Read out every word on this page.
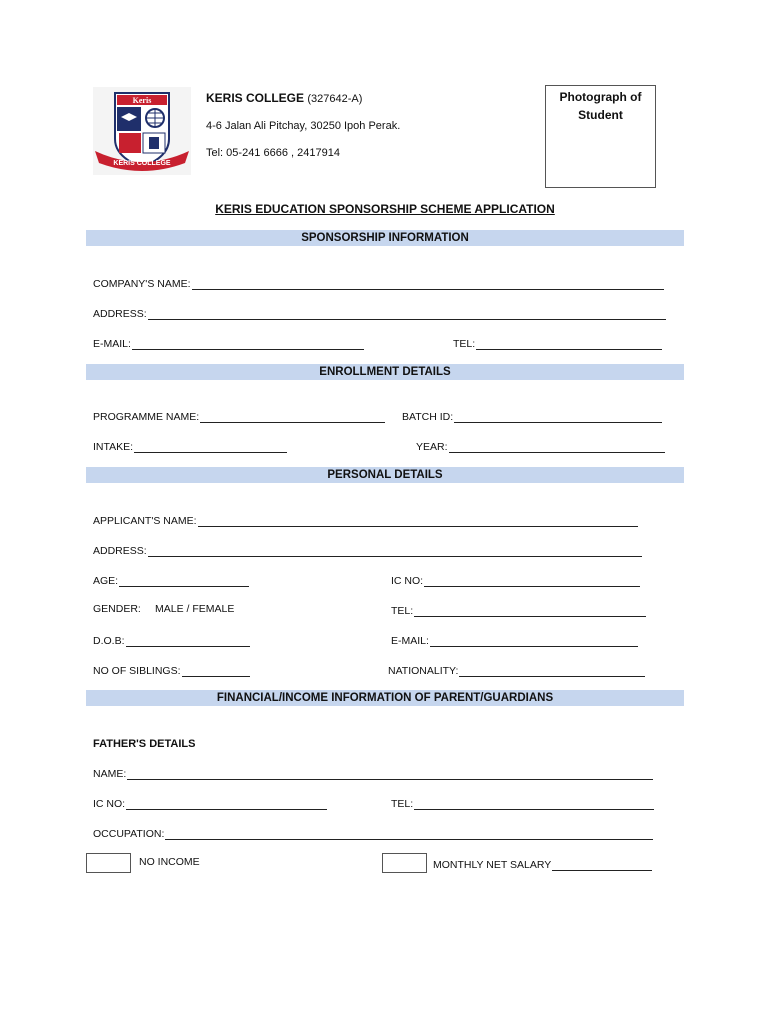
Keris
KERIS COLLEGE
KERIS COLLEGE (327642-A)
4-6 Jalan Ali Pitchay, 30250 Ipoh Perak.
Tel: 05-241 6666 , 2417914
Photograph of Student
KERIS EDUCATION SPONSORSHIP SCHEME APPLICATION
SPONSORSHIP INFORMATION
COMPANY'S NAME:
ADDRESS:
E-MAIL:	TEL:
ENROLLMENT DETAILS
PROGRAMME NAME:	BATCH ID:
INTAKE:	YEAR:
PERSONAL DETAILS
APPLICANT'S NAME:
ADDRESS:
AGE:	IC NO:
GENDER: MALE / FEMALE	TEL:
D.O.B:	E-MAIL:
NO OF SIBLINGS:	NATIONALITY:
FINANCIAL/INCOME INFORMATION OF PARENT/GUARDIANS
FATHER'S DETAILS
NAME:
IC NO:	TEL:
OCCUPATION:
NO INCOME	MONTHLY NET SALARY
